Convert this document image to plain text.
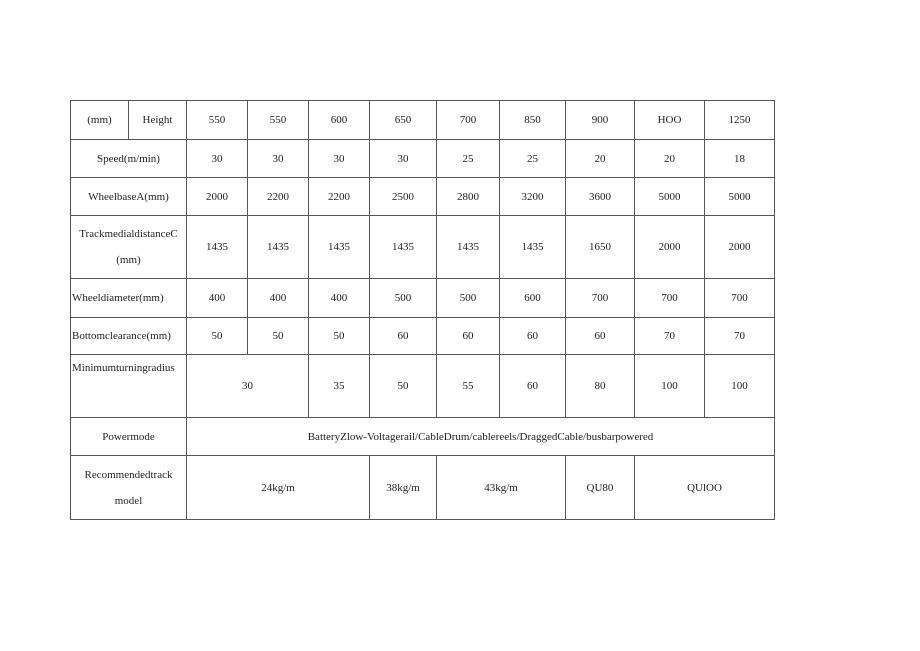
(mm)	Height	550	550	600	650	700	850	900	HOO	1250
Speed(m/min)		30	30	30	30	25	25	20	20	18
WheelbaseA(mm)		2000	2200	2200	2500	2800	3200	3600	5000	5000

TrackmedialdistanceC
(mm)		1435	1435	1435	1435	1435	1435	1650	2000	2000
Wheeldiameter(mm)		400	400	400	500	500	600	700	700	700
Bottomclearance(mm)		50	50	50	60	60	60	60	70	70
Minimumturningradius		30		35	50	55	60	80	100	100
Powermode		BatteryZlow-Voltagerail/CableDrum/cablereels/DraggedCable/busbarpowered								

Recommendedtrack
model		24kg/m			38kg/m	43kg/m		QU80	QUlOO	
